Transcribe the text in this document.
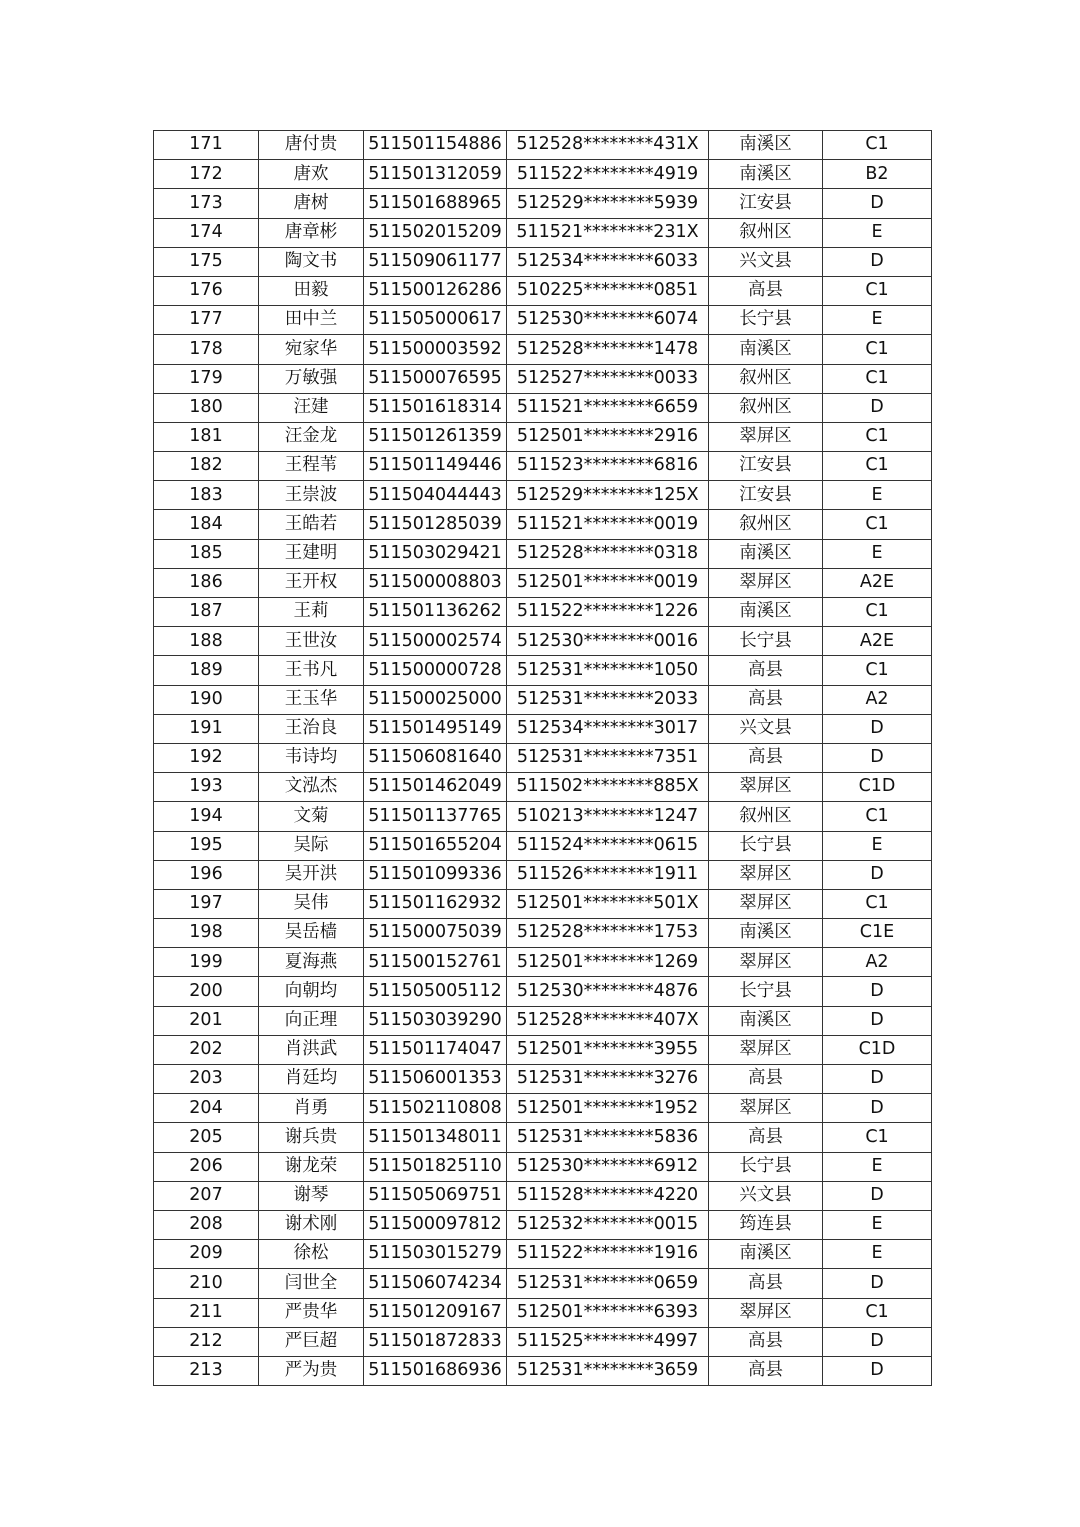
171	唐付贵	511501154886	512528********431X	南溪区	C1
172	唐欢	511501312059	511522********4919	南溪区	B2
173	唐树	511501688965	512529********5939	江安县	D
174	唐章彬	511502015209	511521********231X	叙州区	E
175	陶文书	511509061177	512534********6033	兴文县	D
176	田毅	511500126286	510225********0851	高县	C1
177	田中兰	511505000617	512530********6074	长宁县	E
178	宛家华	511500003592	512528********1478	南溪区	C1
179	万敏强	511500076595	512527********0033	叙州区	C1
180	汪建	511501618314	511521********6659	叙州区	D
181	汪金龙	511501261359	512501********2916	翠屏区	C1
182	王程苇	511501149446	511523********6816	江安县	C1
183	王崇波	511504044443	512529********125X	江安县	E
184	王皓若	511501285039	511521********0019	叙州区	C1
185	王建明	511503029421	512528********0318	南溪区	E
186	王开权	511500008803	512501********0019	翠屏区	A2E
187	王莉	511501136262	511522********1226	南溪区	C1
188	王世汝	511500002574	512530********0016	长宁县	A2E
189	王书凡	511500000728	512531********1050	高县	C1
190	王玉华	511500025000	512531********2033	高县	A2
191	王治良	511501495149	512534********3017	兴文县	D
192	韦诗均	511506081640	512531********7351	高县	D
193	文泓杰	511501462049	511502********885X	翠屏区	C1D
194	文菊	511501137765	510213********1247	叙州区	C1
195	吴际	511501655204	511524********0615	长宁县	E
196	吴开洪	511501099336	511526********1911	翠屏区	D
197	吴伟	511501162932	512501********501X	翠屏区	C1
198	吴岳樯	511500075039	512528********1753	南溪区	C1E
199	夏海燕	511500152761	512501********1269	翠屏区	A2
200	向朝均	511505005112	512530********4876	长宁县	D
201	向正理	511503039290	512528********407X	南溪区	D
202	肖洪武	511501174047	512501********3955	翠屏区	C1D
203	肖廷均	511506001353	512531********3276	高县	D
204	肖勇	511502110808	512501********1952	翠屏区	D
205	谢兵贵	511501348011	512531********5836	高县	C1
206	谢龙荣	511501825110	512530********6912	长宁县	E
207	谢琴	511505069751	511528********4220	兴文县	D
208	谢术刚	511500097812	512532********0015	筠连县	E
209	徐松	511503015279	511522********1916	南溪区	E
210	闫世全	511506074234	512531********0659	高县	D
211	严贵华	511501209167	512501********6393	翠屏区	C1
212	严巨超	511501872833	511525********4997	高县	D
213	严为贵	511501686936	512531********3659	高县	D
